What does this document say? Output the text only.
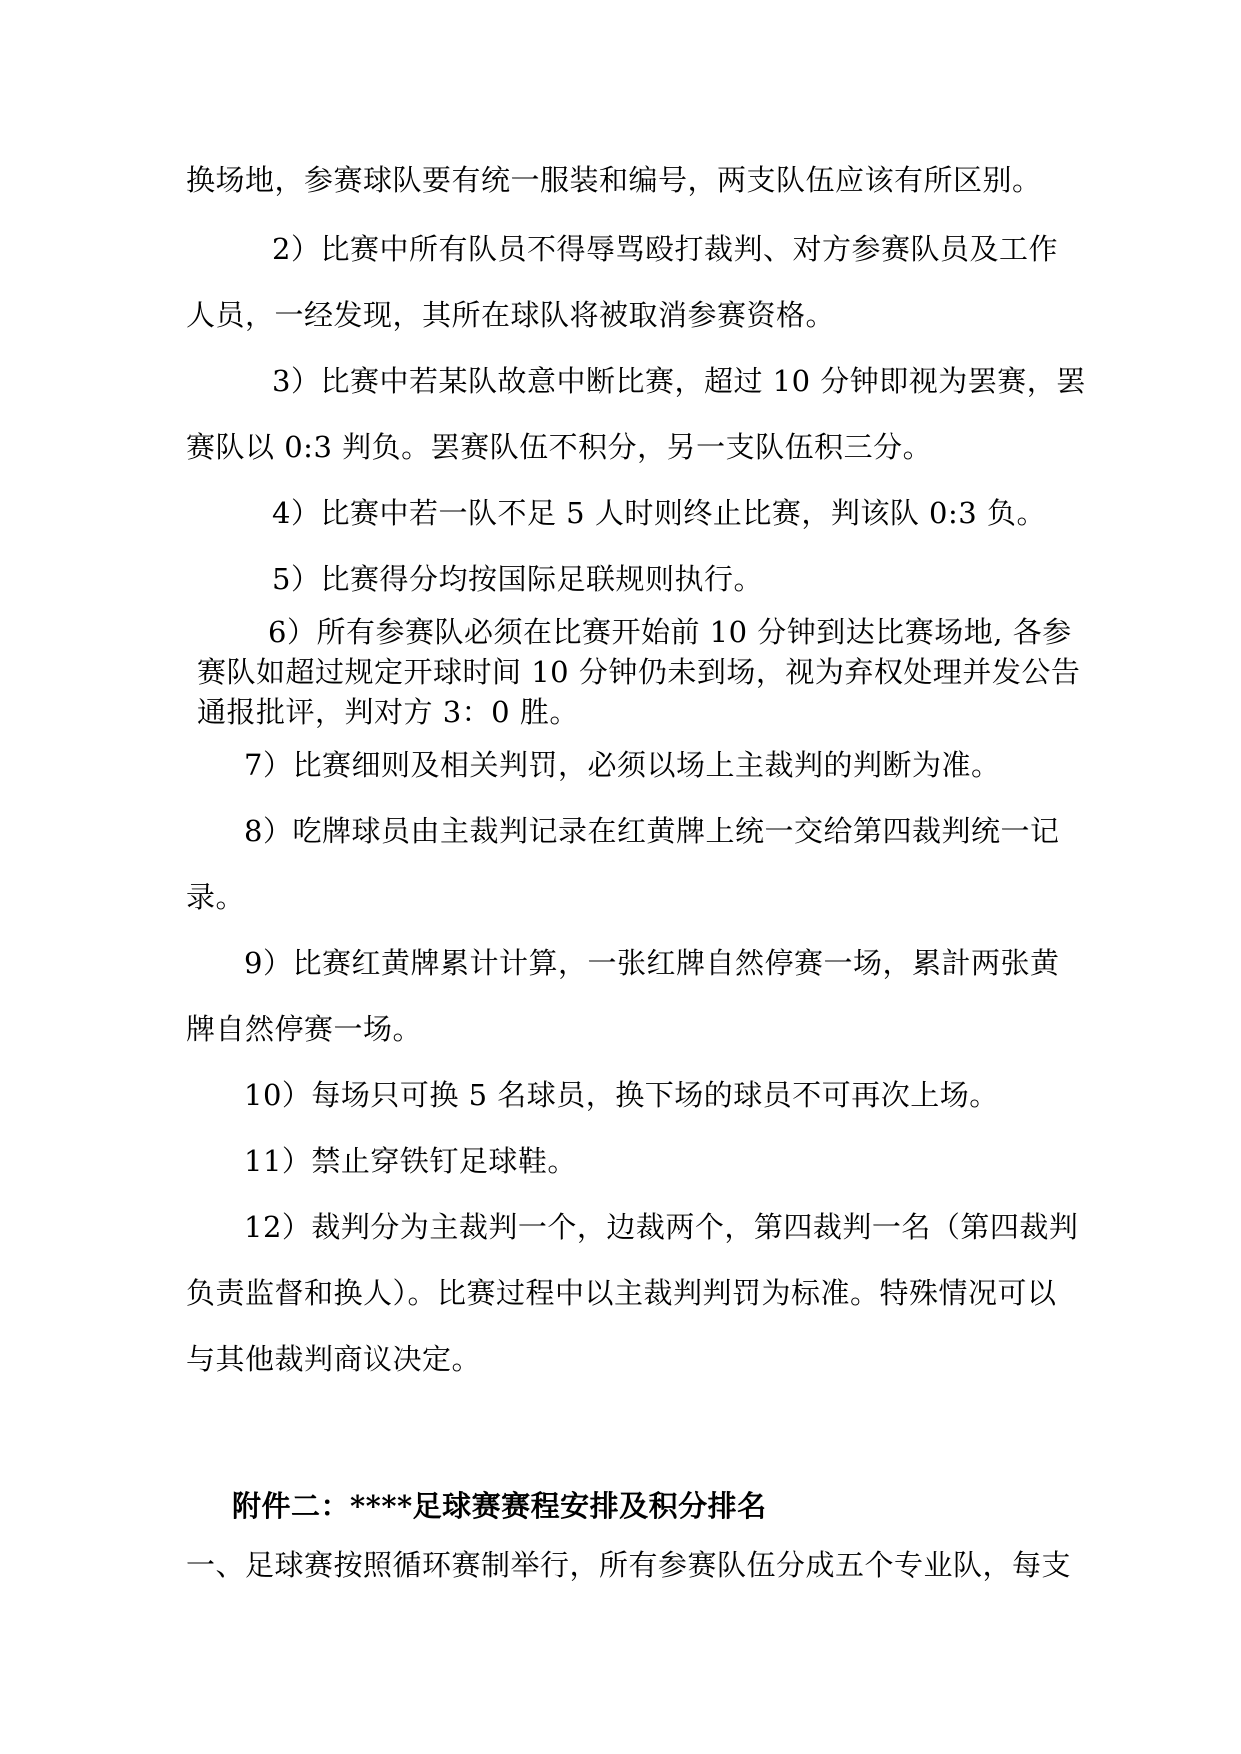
换场地，参赛球队要有统一服装和编号，两支队伍应该有所区别。
2）比赛中所有队员不得辱骂殴打裁判、对方参赛队员及工作
人员，一经发现，其所在球队将被取消参赛资格。
3）比赛中若某队故意中断比赛，超过 10 分钟即视为罢赛，罢
赛队以 0:3 判负。罢赛队伍不积分，另一支队伍积三分。
4）比赛中若一队不足 5 人时则终止比赛，判该队 0:3 负。
5）比赛得分均按国际足联规则执行。
6）所有参赛队必须在比赛开始前 10 分钟到达比赛场地, 各参
赛队如超过规定开球时间 10 分钟仍未到场，视为弃权处理并发公告
通报批评，判对方 3：0 胜。
7）比赛细则及相关判罚，必须以场上主裁判的判断为准。
8）吃牌球员由主裁判记录在红黄牌上统一交给第四裁判统一记
录。
9）比赛红黄牌累计计算，一张红牌自然停赛一场，累計两张黄
牌自然停赛一场。
10）每场只可换 5 名球员，换下场的球员不可再次上场。
11）禁止穿铁钉足球鞋。
12）裁判分为主裁判一个，边裁两个，第四裁判一名（第四裁判
负责监督和换人）。比赛过程中以主裁判判罚为标准。特殊情况可以
与其他裁判商议决定。
附件二：****足球赛赛程安排及积分排名
一、足球赛按照循环赛制举行，所有参赛队伍分成五个专业队，每支
